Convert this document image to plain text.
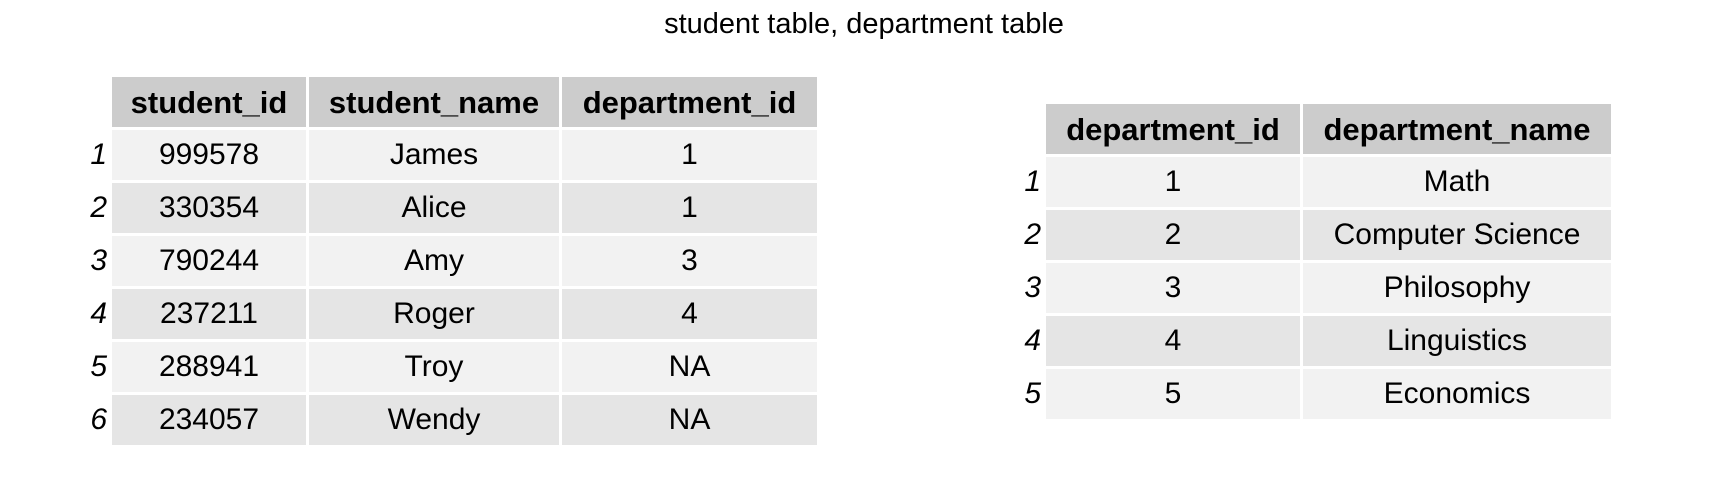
student table, department table
	student_id	student_name	department_id
1	999578	James	1
2	330354	Alice	1
3	790244	Amy	3
4	237211	Roger	4
5	288941	Troy	NA
6	234057	Wendy	NA
	department_id	department_name
1	1	Math
2	2	Computer Science
3	3	Philosophy
4	4	Linguistics
5	5	Economics
